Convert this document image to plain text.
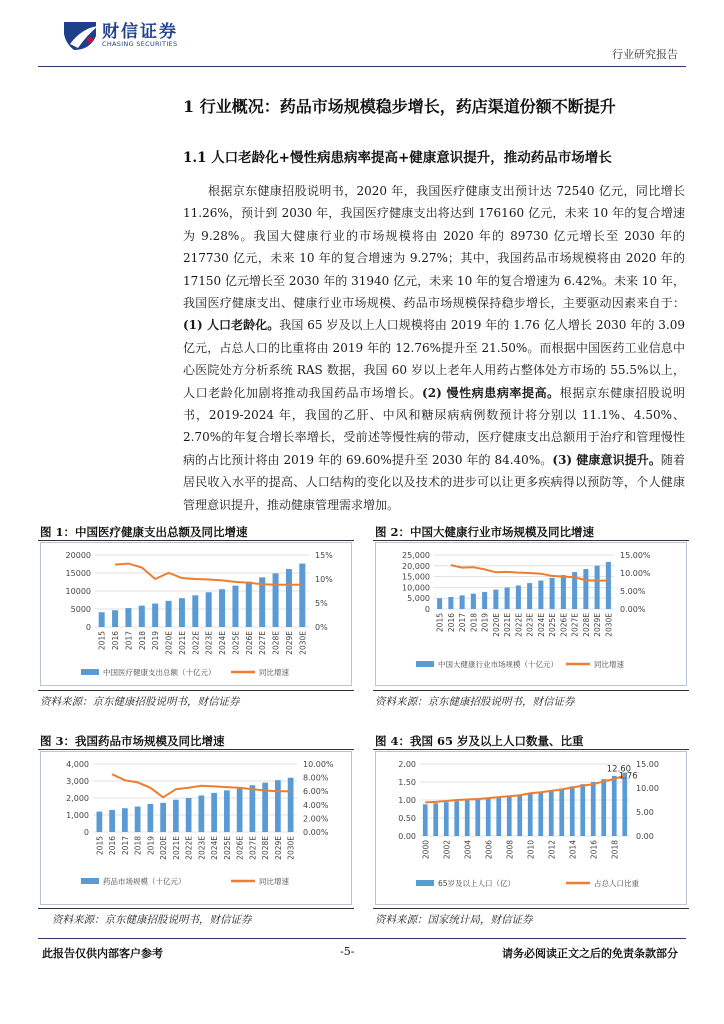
财信证券
CHASING SECURITIES
行业研究报告
1 行业概况：药品市场规模稳步增长，药店渠道份额不断提升
1.1 人口老龄化+慢性病患病率提高+健康意识提升，推动药品市场增长
根据京东健康招股说明书，2020 年，我国医疗健康支出预计达 72540 亿元，同比增长 11.26%，预计到 2030 年，我国医疗健康支出将达到 176160 亿元，未来 10 年的复合增速为 9.28%。我国大健康行业的市场规模将由 2020 年的 89730 亿元增长至 2030 年的 217730 亿元，未来 10 年的复合增速为 9.27%；其中，我国药品市场规模将由 2020 年的 17150 亿元增长至 2030 年的 31940 亿元，未来 10 年的复合增速为 6.42%。未来 10 年，我国医疗健康支出、健康行业市场规模、药品市场规模保持稳步增长，主要驱动因素来自于：(1) 人口老龄化。我国 65 岁及以上人口规模将由 2019 年的 1.76 亿人增长 2030 年的 3.09 亿元，占总人口的比重将由 2019 年的 12.76%提升至 21.50%。而根据中国医药工业信息中心医院处方分析系统 RAS 数据，我国 60 岁以上老年人用药占整体处方市场的 55.5%以上，人口老龄化加剧将推动我国药品市场增长。(2) 慢性病患病率提高。根据京东健康招股说明书，2019-2024 年，我国的乙肝、中风和糖尿病病例数预计将分别以 11.1%、4.50%、2.70%的年复合增长率增长，受前述等慢性病的带动，医疗健康支出总额用于治疗和管理慢性病的占比预计将由 2019 年的 69.60%提升至 2030 年的 84.40%。(3) 健康意识提升。随着居民收入水平的提高、人口结构的变化以及技术的进步可以让更多疾病得以预防等，个人健康管理意识提升，推动健康管理需求增加。
图 1：中国医疗健康支出总额及同比增速
0
5000
10000
15000
20000
0%
5%
10%
15%
2015 2016 2017 2018 2019 2020E 2021E 2022E 2023E 2024E 2025E 2026E 2027E 2028E 2029E 2030E
中国医疗健康支出总额（十亿元）	同比增速
资料来源：京东健康招股说明书，财信证券
图 2：中国大健康行业市场规模及同比增速
0
5,000
10,000
15,000
20,000
25,000
0.00%
5.00%
10.00%
15.00%
2015 2016 2017 2018 2019 2020E 2021E 2022E 2023E 2024E 2025E 2026E 2027E 2028E 2029E 2030E
中国大健康行业市场规模（十亿元）	同比增速
资料来源：京东健康招股说明书，财信证券
图 3：我国药品市场规模及同比增速
0
1,000
2,000
3,000
4,000
0.00%
2.00%
4.00%
6.00%
8.00%
10.00%
2015 2016 2017 2018 2019 2020E 2021E 2022E 2023E 2024E 2025E 2026E 2027E 2028E 2029E 2030E
药品市场规模（十亿元）	同比增速
资料来源：京东健康招股说明书，财信证券
图 4：我国 65 岁及以上人口数量、比重
0.00
0.50
1.00
1.50
2.00
0.00
5.00
10.00
15.00
2000 2002 2004 2006 2008 2010 2012 2014 2016 2018
12.60
1.76
65岁及以上人口（亿）	占总人口比重
资料来源：国家统计局，财信证券
此报告仅供内部客户参考	-5-	请务必阅读正文之后的免责条款部分
